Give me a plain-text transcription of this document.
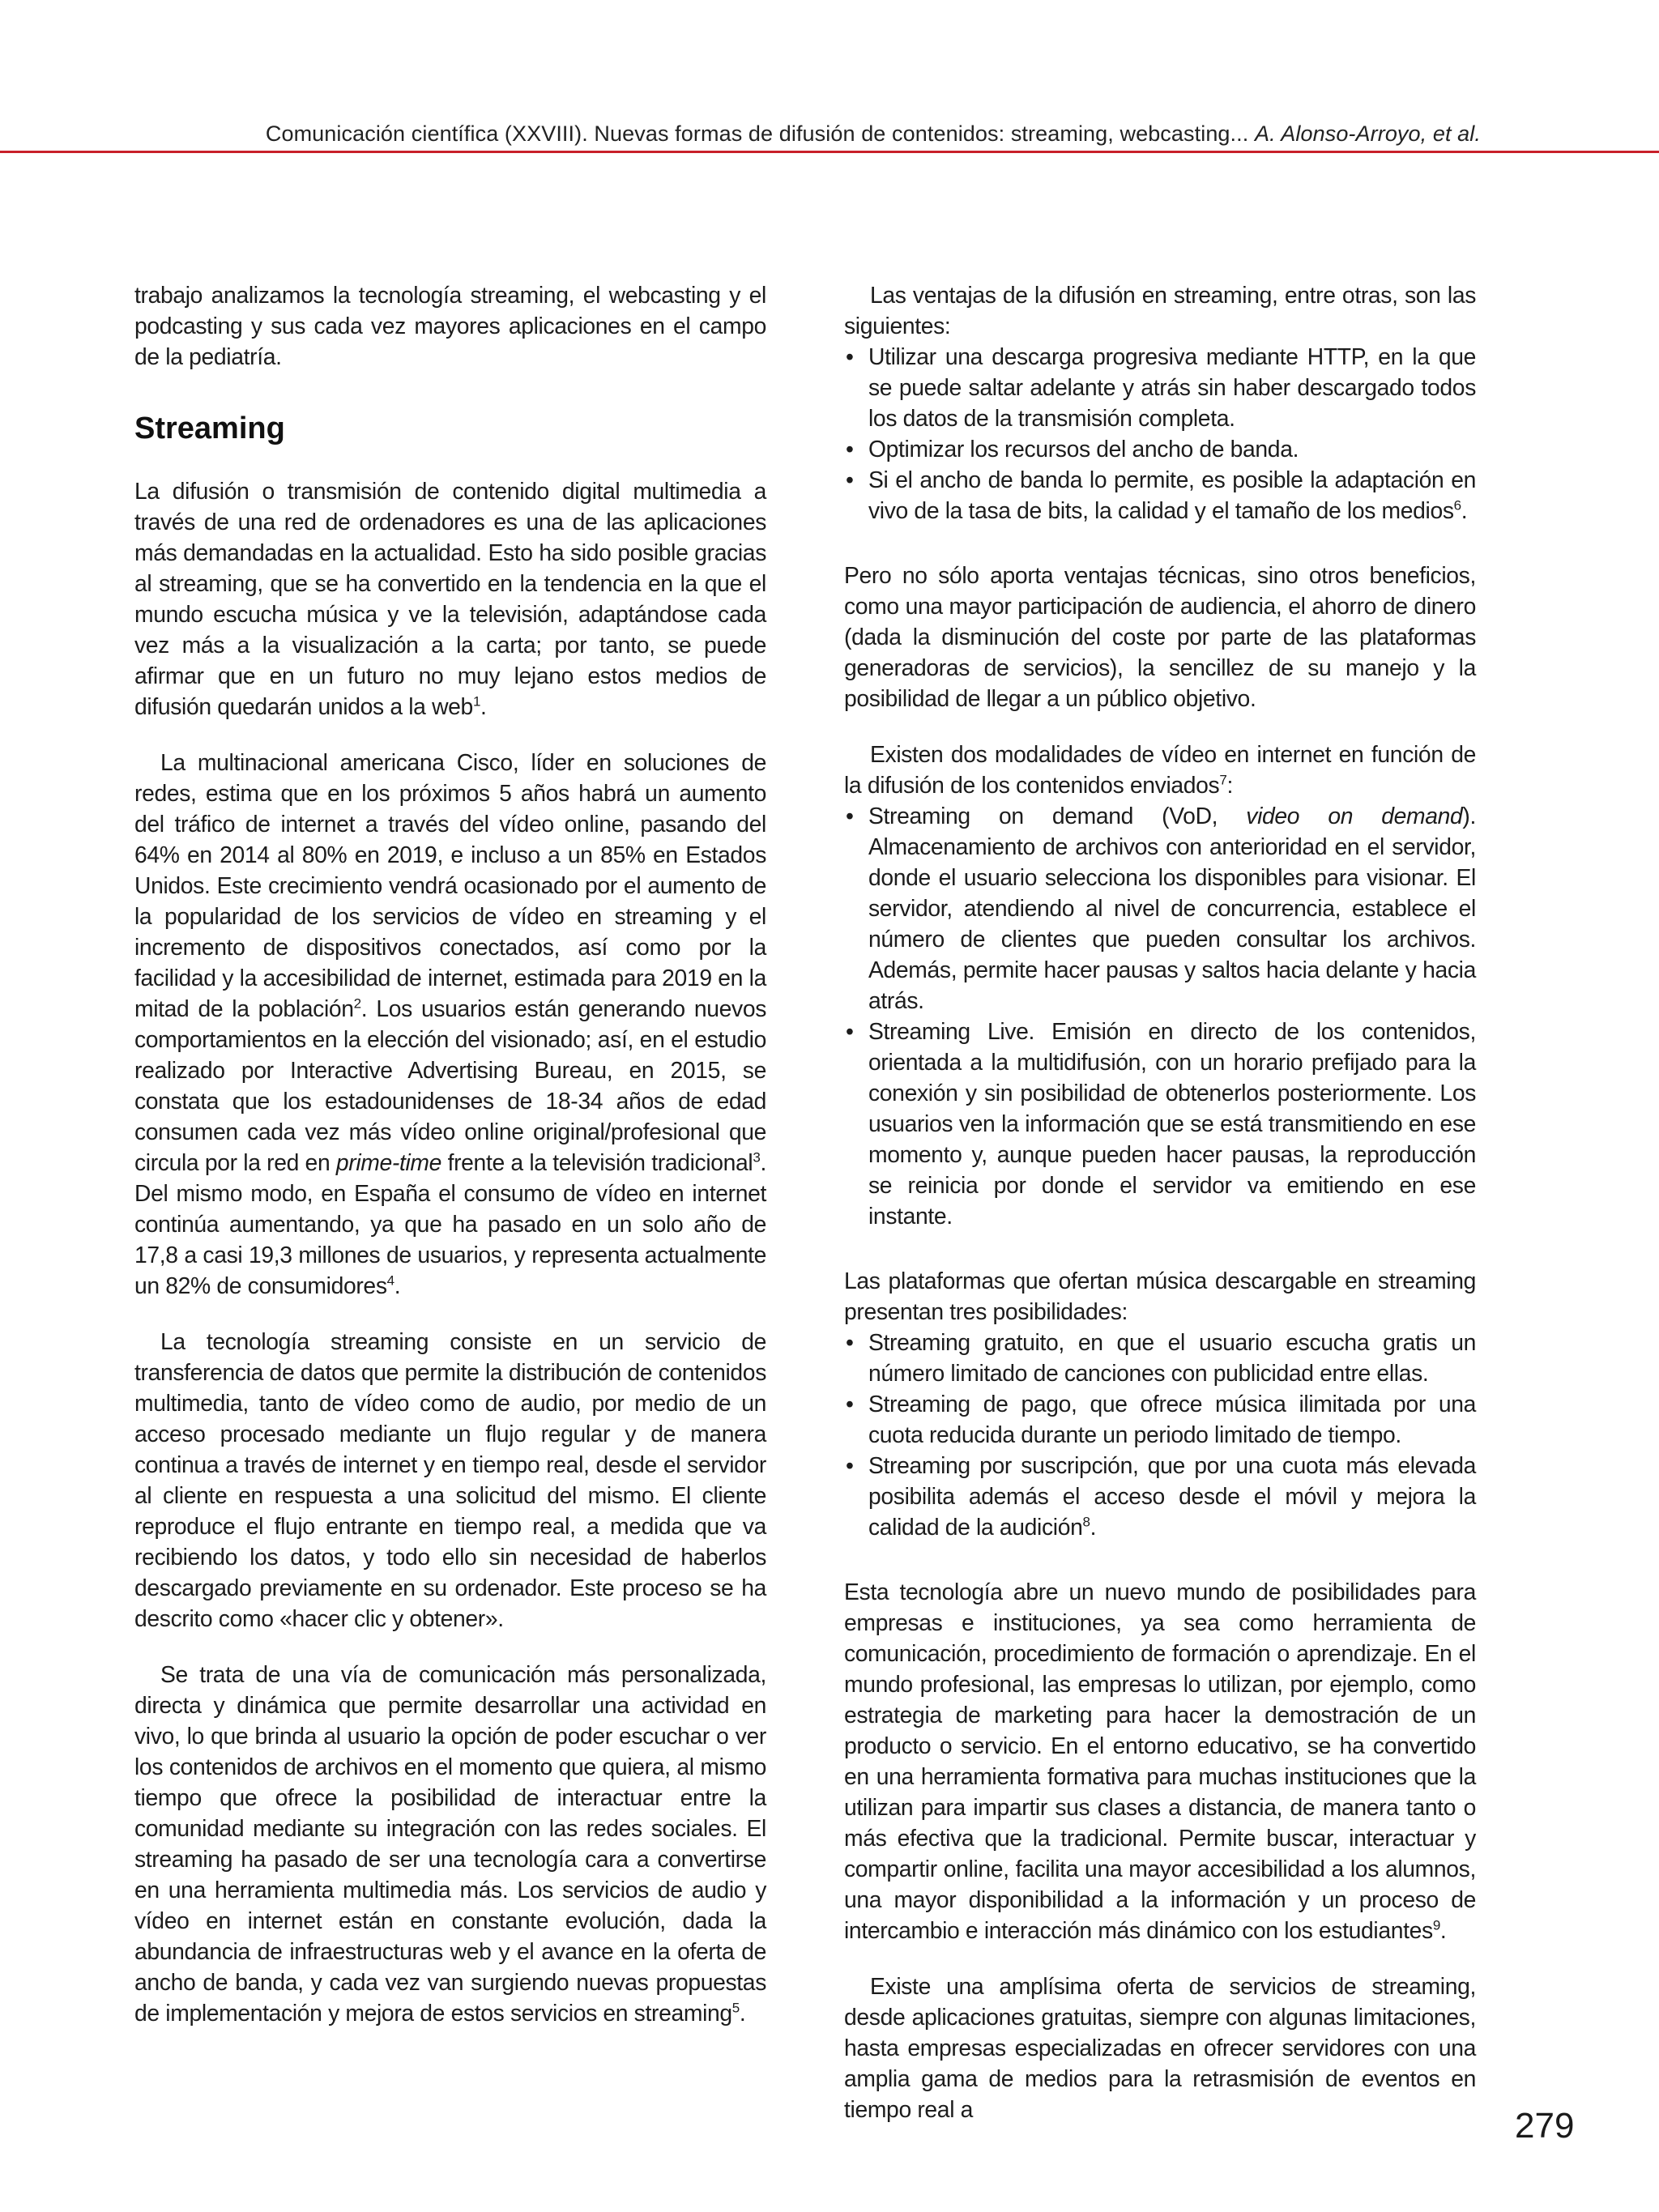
Comunicación científica (XXVIII). Nuevas formas de difusión de contenidos: streaming, webcasting... A. Alonso-Arroyo, et al.

trabajo analizamos la tecnología streaming, el webcasting y el podcasting y sus cada vez mayores aplicaciones en el campo de la pediatría.

Streaming

La difusión o transmisión de contenido digital multimedia a través de una red de ordenadores es una de las aplicaciones más demandadas en la actualidad. Esto ha sido posible gracias al streaming, que se ha convertido en la tendencia en la que el mundo escucha música y ve la televisión, adaptándose cada vez más a la visualización a la carta; por tanto, se puede afirmar que en un futuro no muy lejano estos medios de difusión quedarán unidos a la web$^1$.

La multinacional americana Cisco, líder en soluciones de redes, estima que en los próximos 5 años habrá un aumento del tráfico de internet a través del vídeo online, pasando del 64% en 2014 al 80% en 2019, e incluso a un 85% en Estados Unidos. Este crecimiento vendrá ocasionado por el aumento de la popularidad de los servicios de vídeo en streaming y el incremento de dispositivos conectados, así como por la facilidad y la accesibilidad de internet, estimada para 2019 en la mitad de la población$^2$. Los usuarios están generando nuevos comportamientos en la elección del visionado; así, en el estudio realizado por Interactive Advertising Bureau, en 2015, se constata que los estadounidenses de 18-34 años de edad consumen cada vez más vídeo online original/profesional que circula por la red en prime-time frente a la televisión tradicional$^3$. Del mismo modo, en España el consumo de vídeo en internet continúa aumentando, ya que ha pasado en un solo año de 17,8 a casi 19,3 millones de usuarios, y representa actualmente un 82% de consumidores$^4$.

La tecnología streaming consiste en un servicio de transferencia de datos que permite la distribución de contenidos multimedia, tanto de vídeo como de audio, por medio de un acceso procesado mediante un flujo regular y de manera continua a través de internet y en tiempo real, desde el servidor al cliente en respuesta a una solicitud del mismo. El cliente reproduce el flujo entrante en tiempo real, a medida que va recibiendo los datos, y todo ello sin necesidad de haberlos descargado previamente en su ordenador. Este proceso se ha descrito como «hacer clic y obtener».

Se trata de una vía de comunicación más personalizada, directa y dinámica que permite desarrollar una actividad en vivo, lo que brinda al usuario la opción de poder escuchar o ver los contenidos de archivos en el momento que quiera, al mismo tiempo que ofrece la posibilidad de interactuar entre la comunidad mediante su integración con las redes sociales. El streaming ha pasado de ser una tecnología cara a convertirse en una herramienta multimedia más. Los servicios de audio y vídeo en internet están en constante evolución, dada la abundancia de infraestructuras web y el avance en la oferta de ancho de banda, y cada vez van surgiendo nuevas propuestas de implementación y mejora de estos servicios en streaming$^5$.

Las ventajas de la difusión en streaming, entre otras, son las siguientes:

• Utilizar una descarga progresiva mediante HTTP, en la que se puede saltar adelante y atrás sin haber descargado todos los datos de la transmisión completa.
• Optimizar los recursos del ancho de banda.
• Si el ancho de banda lo permite, es posible la adaptación en vivo de la tasa de bits, la calidad y el tamaño de los medios$^6$.

Pero no sólo aporta ventajas técnicas, sino otros beneficios, como una mayor participación de audiencia, el ahorro de dinero (dada la disminución del coste por parte de las plataformas generadoras de servicios), la sencillez de su manejo y la posibilidad de llegar a un público objetivo.

Existen dos modalidades de vídeo en internet en función de la difusión de los contenidos enviados$^7$:

• Streaming on demand (VoD, video on demand). Almacenamiento de archivos con anterioridad en el servidor, donde el usuario selecciona los disponibles para visionar. El servidor, atendiendo al nivel de concurrencia, establece el número de clientes que pueden consultar los archivos. Además, permite hacer pausas y saltos hacia delante y hacia atrás.
• Streaming Live. Emisión en directo de los contenidos, orientada a la multidifusión, con un horario prefijado para la conexión y sin posibilidad de obtenerlos posteriormente. Los usuarios ven la información que se está transmitiendo en ese momento y, aunque pueden hacer pausas, la reproducción se reinicia por donde el servidor va emitiendo en ese instante.

Las plataformas que ofertan música descargable en streaming presentan tres posibilidades:

• Streaming gratuito, en que el usuario escucha gratis un número limitado de canciones con publicidad entre ellas.
• Streaming de pago, que ofrece música ilimitada por una cuota reducida durante un periodo limitado de tiempo.
• Streaming por suscripción, que por una cuota más elevada posibilita además el acceso desde el móvil y mejora la calidad de la audición$^8$.

Esta tecnología abre un nuevo mundo de posibilidades para empresas e instituciones, ya sea como herramienta de comunicación, procedimiento de formación o aprendizaje. En el mundo profesional, las empresas lo utilizan, por ejemplo, como estrategia de marketing para hacer la demostración de un producto o servicio. En el entorno educativo, se ha convertido en una herramienta formativa para muchas instituciones que la utilizan para impartir sus clases a distancia, de manera tanto o más efectiva que la tradicional. Permite buscar, interactuar y compartir online, facilita una mayor accesibilidad a los alumnos, una mayor disponibilidad a la información y un proceso de intercambio e interacción más dinámico con los estudiantes$^9$.

Existe una amplísima oferta de servicios de streaming, desde aplicaciones gratuitas, siempre con algunas limitaciones, hasta empresas especializadas en ofrecer servidores con una amplia gama de medios para la retrasmisión de eventos en tiempo real a	279
